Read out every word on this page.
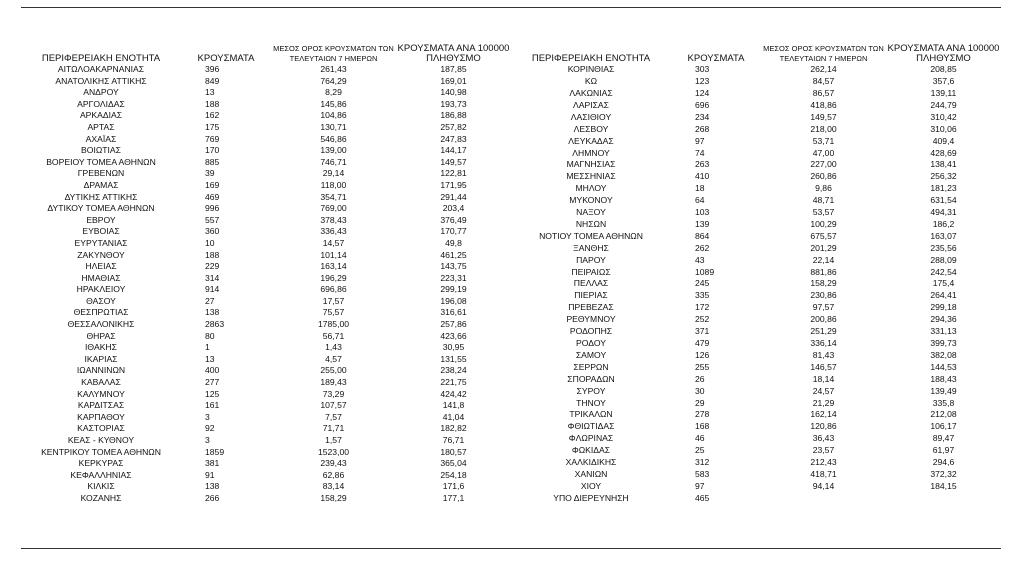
ΠΕΡΙΦΕΡΕΙΑΚΗ ΕΝΟΤΗΤΑ	ΚΡΟΥΣΜΑΤΑ	ΜΕΣΟΣ ΟΡΟΣ ΚΡΟΥΣΜΑΤΩΝ ΤΩΝ ΤΕΛΕΥΤΑΙΩΝ 7 ΗΜΕΡΩΝ	ΚΡΟΥΣΜΑΤΑ ΑΝΑ 100000 ΠΛΗΘΥΣΜΟ
ΑΙΤΩΛΟΑΚΑΡΝΑΝΙΑΣ	396	261,43	187,85
ΑΝΑΤΟΛΙΚΗΣ ΑΤΤΙΚΗΣ	849	764,29	169,01
ΑΝΔΡΟΥ	13	8,29	140,98
ΑΡΓΟΛΙΔΑΣ	188	145,86	193,73
ΑΡΚΑΔΙΑΣ	162	104,86	186,88
ΑΡΤΑΣ	175	130,71	257,82
ΑΧΑΪΑΣ	769	546,86	247,83
ΒΟΙΩΤΙΑΣ	170	139,00	144,17
ΒΟΡΕΙΟΥ ΤΟΜΕΑ ΑΘΗΝΩΝ	885	746,71	149,57
ΓΡΕΒΕΝΩΝ	39	29,14	122,81
ΔΡΑΜΑΣ	169	118,00	171,95
ΔΥΤΙΚΗΣ ΑΤΤΙΚΗΣ	469	354,71	291,44
ΔΥΤΙΚΟΥ ΤΟΜΕΑ ΑΘΗΝΩΝ	996	769,00	203,4
ΕΒΡΟΥ	557	378,43	376,49
ΕΥΒΟΙΑΣ	360	336,43	170,77
ΕΥΡΥΤΑΝΙΑΣ	10	14,57	49,8
ΖΑΚΥΝΘΟΥ	188	101,14	461,25
ΗΛΕΙΑΣ	229	163,14	143,75
ΗΜΑΘΙΑΣ	314	196,29	223,31
ΗΡΑΚΛΕΙΟΥ	914	696,86	299,19
ΘΑΣΟΥ	27	17,57	196,08
ΘΕΣΠΡΩΤΙΑΣ	138	75,57	316,61
ΘΕΣΣΑΛΟΝΙΚΗΣ	2863	1785,00	257,86
ΘΗΡΑΣ	80	56,71	423,66
ΙΘΑΚΗΣ	1	1,43	30,95
ΙΚΑΡΙΑΣ	13	4,57	131,55
ΙΩΑΝΝΙΝΩΝ	400	255,00	238,24
ΚΑΒΑΛΑΣ	277	189,43	221,75
ΚΑΛΥΜΝΟΥ	125	73,29	424,42
ΚΑΡΔΙΤΣΑΣ	161	107,57	141,8
ΚΑΡΠΑΘΟΥ	3	7,57	41,04
ΚΑΣΤΟΡΙΑΣ	92	71,71	182,82
ΚΕΑΣ - ΚΥΘΝΟΥ	3	1,57	76,71
ΚΕΝΤΡΙΚΟΥ ΤΟΜΕΑ ΑΘΗΝΩΝ	1859	1523,00	180,57
ΚΕΡΚΥΡΑΣ	381	239,43	365,04
ΚΕΦΑΛΛΗΝΙΑΣ	91	62,86	254,18
ΚΙΛΚΙΣ	138	83,14	171,6
ΚΟΖΑΝΗΣ	266	158,29	177,1
ΠΕΡΙΦΕΡΕΙΑΚΗ ΕΝΟΤΗΤΑ	ΚΡΟΥΣΜΑΤΑ	ΜΕΣΟΣ ΟΡΟΣ ΚΡΟΥΣΜΑΤΩΝ ΤΩΝ ΤΕΛΕΥΤΑΙΩΝ 7 ΗΜΕΡΩΝ	ΚΡΟΥΣΜΑΤΑ ΑΝΑ 100000 ΠΛΗΘΥΣΜΟ
ΚΟΡΙΝΘΙΑΣ	303	262,14	208,85
ΚΩ	123	84,57	357,6
ΛΑΚΩΝΙΑΣ	124	86,57	139,11
ΛΑΡΙΣΑΣ	696	418,86	244,79
ΛΑΣΙΘΙΟΥ	234	149,57	310,42
ΛΕΣΒΟΥ	268	218,00	310,06
ΛΕΥΚΑΔΑΣ	97	53,71	409,4
ΛΗΜΝΟΥ	74	47,00	428,69
ΜΑΓΝΗΣΙΑΣ	263	227,00	138,41
ΜΕΣΣΗΝΙΑΣ	410	260,86	256,32
ΜΗΛΟΥ	18	9,86	181,23
ΜΥΚΟΝΟΥ	64	48,71	631,54
ΝΑΞΟΥ	103	53,57	494,31
ΝΗΣΩΝ	139	100,29	186,2
ΝΟΤΙΟΥ ΤΟΜΕΑ ΑΘΗΝΩΝ	864	675,57	163,07
ΞΑΝΘΗΣ	262	201,29	235,56
ΠΑΡΟΥ	43	22,14	288,09
ΠΕΙΡΑΙΩΣ	1089	881,86	242,54
ΠΕΛΛΑΣ	245	158,29	175,4
ΠΙΕΡΙΑΣ	335	230,86	264,41
ΠΡΕΒΕΖΑΣ	172	97,57	299,18
ΡΕΘΥΜΝΟΥ	252	200,86	294,36
ΡΟΔΟΠΗΣ	371	251,29	331,13
ΡΟΔΟΥ	479	336,14	399,73
ΣΑΜΟΥ	126	81,43	382,08
ΣΕΡΡΩΝ	255	146,57	144,53
ΣΠΟΡΑΔΩΝ	26	18,14	188,43
ΣΥΡΟΥ	30	24,57	139,49
ΤΗΝΟΥ	29	21,29	335,8
ΤΡΙΚΑΛΩΝ	278	162,14	212,08
ΦΘΙΩΤΙΔΑΣ	168	120,86	106,17
ΦΛΩΡΙΝΑΣ	46	36,43	89,47
ΦΩΚΙΔΑΣ	25	23,57	61,97
ΧΑΛΚΙΔΙΚΗΣ	312	212,43	294,6
ΧΑΝΙΩΝ	583	418,71	372,32
ΧΙΟΥ	97	94,14	184,15
ΥΠΟ ΔΙΕΡΕΥΝΗΣΗ	465		
